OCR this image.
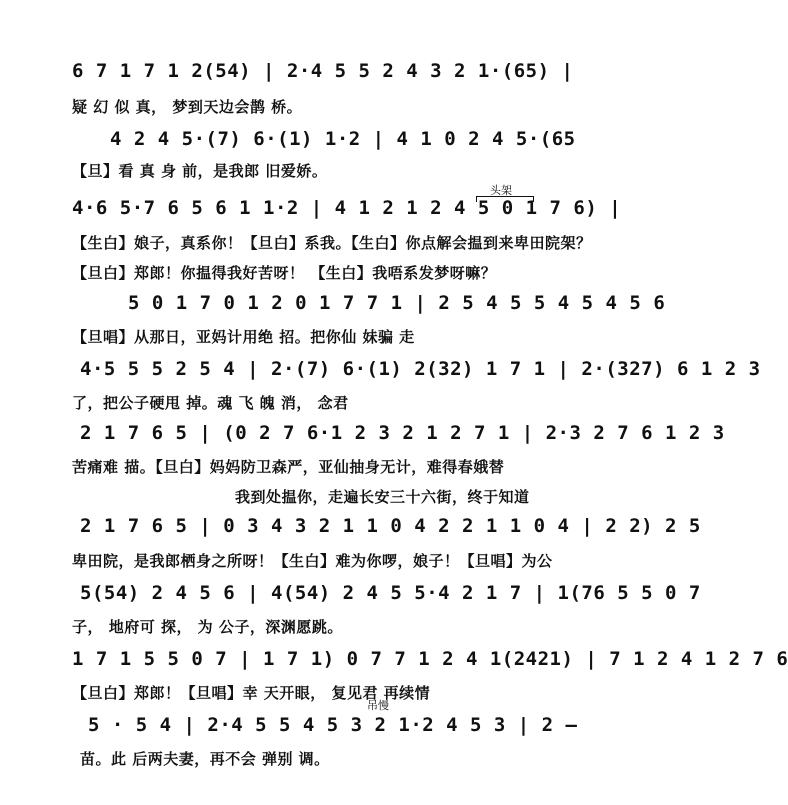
6 7 1 7 1 2(54) | 2·4 5 5 2 4 3 2 1·(65) |
疑 幻 似 真， 梦到天边会鹊 桥。
4 2 4 5·(7) 6·(1) 1·2 | 4 1 0 2 4 5·(65
【旦】看 真 身 前，是我郎 旧爱娇。
头架
4·6 5·7 6 5 6 1 1·2 | 4 1 2 1 2 4 5 0 1 7 6) |
【生白】娘子，真系你！【旦白】系我。【生白】你点解会揾到来卑田院架？
【旦白】郑郎！你揾得我好苦呀！ 【生白】我唔系发梦呀嘛？
5 0 1 7 0 1 2 0 1 7 7 1 | 2 5 4 5 5 4 5 4 5 6
【旦唱】从那日，亚妈计用绝 招。把你仙 妹骗 走
4·5 5 5 2 5 4 | 2·(7) 6·(1) 2(32) 1 7 1 | 2·(327) 6 1 2 3
了，把公子硬甩 掉。魂 飞 魄 消， 念君
2 1 7 6 5 | (0 2 7 6·1 2 3 2 1 2 7 1 | 2·3 2 7 6 1 2 3
苦痛难 描。【旦白】妈妈防卫森严，亚仙抽身无计，难得春娥替
我到处揾你，走遍长安三十六街，终于知道
2 1 7 6 5 | 0 3 4 3 2 1 1 0 4 2 2 1 1 0 4 | 2 2) 2 5
卑田院，是我郎栖身之所呀！【生白】难为你啰，娘子！【旦唱】为公
5(54) 2 4 5 6 | 4(54) 2 4 5 5·4 2 1 7 | 1(76 5 5 0 7
子， 地府可 探， 为 公子，深渊愿跳。
1 7 1 5 5 0 7 | 1 7 1) 0 7 7 1 2 4 1(2421) | 7 1 2 4 1 2 7 6
【旦白】郑郎！【旦唱】幸 天开眼， 复见君 再续情
吊慢
5 · 5 4 | 2·4 5 5 4 5 3 2 1·2 4 5 3 | 2 —
苗。此 后两夫妻，再不会 弹别 调。
